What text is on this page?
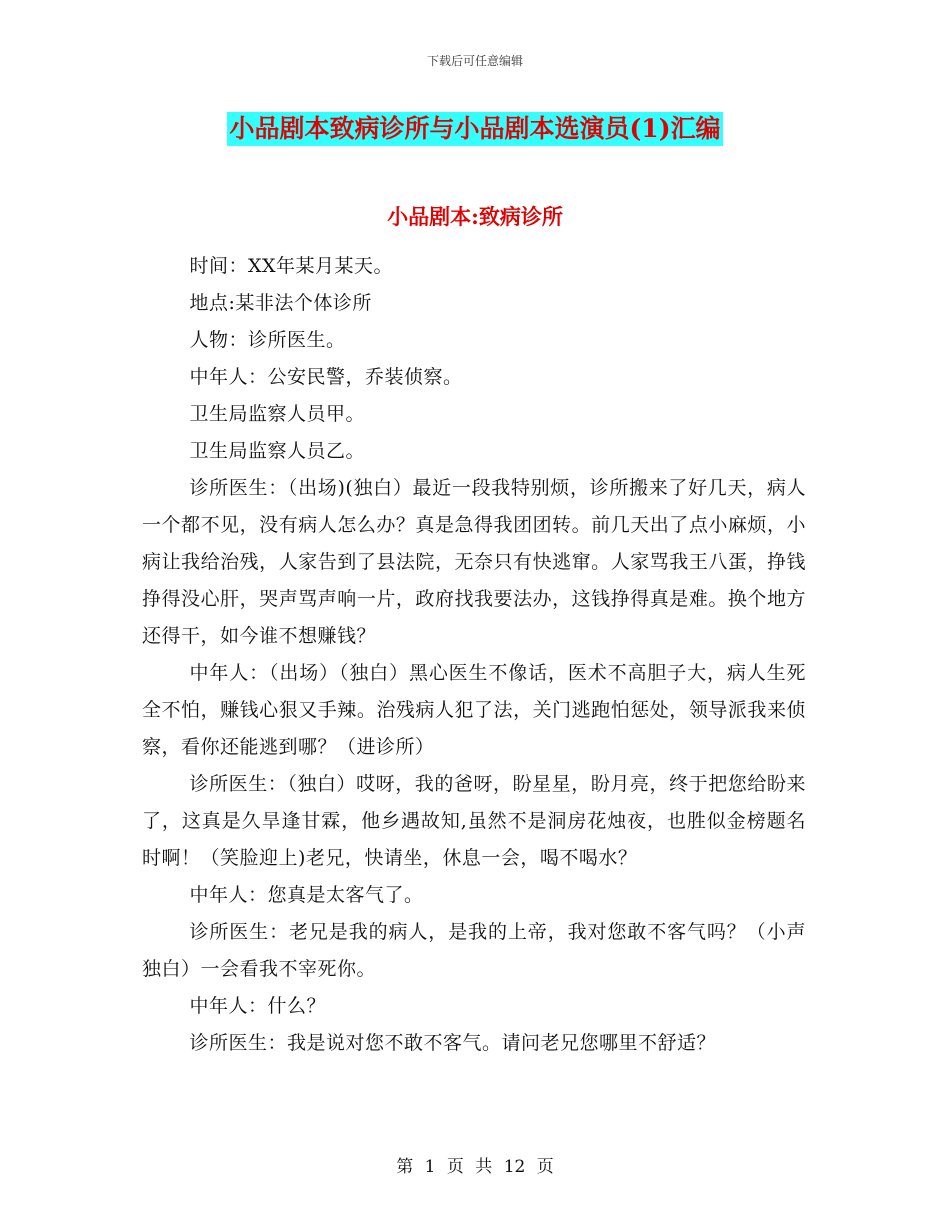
下载后可任意编辑
小品剧本致病诊所与小品剧本选演员(1)汇编
小品剧本:致病诊所

时间：XX年某月某天。

地点:某非法个体诊所

人物：诊所医生。

中年人：公安民警，乔装侦察。

卫生局监察人员甲。

卫生局监察人员乙。

诊所医生：（出场)(独白）最近一段我特别烦，诊所搬来了好几天，病人一个都不见，没有病人怎么办？真是急得我团团转。前几天出了点小麻烦，小病让我给治残，人家告到了县法院，无奈只有快逃窜。人家骂我王八蛋，挣钱挣得没心肝，哭声骂声响一片，政府找我要法办，这钱挣得真是难。换个地方还得干，如今谁不想赚钱？

中年人：（出场）（独白）黑心医生不像话，医术不高胆子大，病人生死全不怕，赚钱心狠又手辣。治残病人犯了法，关门逃跑怕惩处，领导派我来侦察，看你还能逃到哪？（进诊所）

诊所医生：（独白）哎呀，我的爸呀，盼星星，盼月亮，终于把您给盼来了，这真是久旱逢甘霖，他乡遇故知,虽然不是洞房花烛夜，也胜似金榜题名时啊！（笑脸迎上)老兄，快请坐，休息一会，喝不喝水？

中年人：您真是太客气了。

诊所医生：老兄是我的病人，是我的上帝，我对您敢不客气吗？（小声独白）一会看我不宰死你。

中年人：什么？

诊所医生：我是说对您不敢不客气。请问老兄您哪里不舒适？

第 1 页 共 12 页
